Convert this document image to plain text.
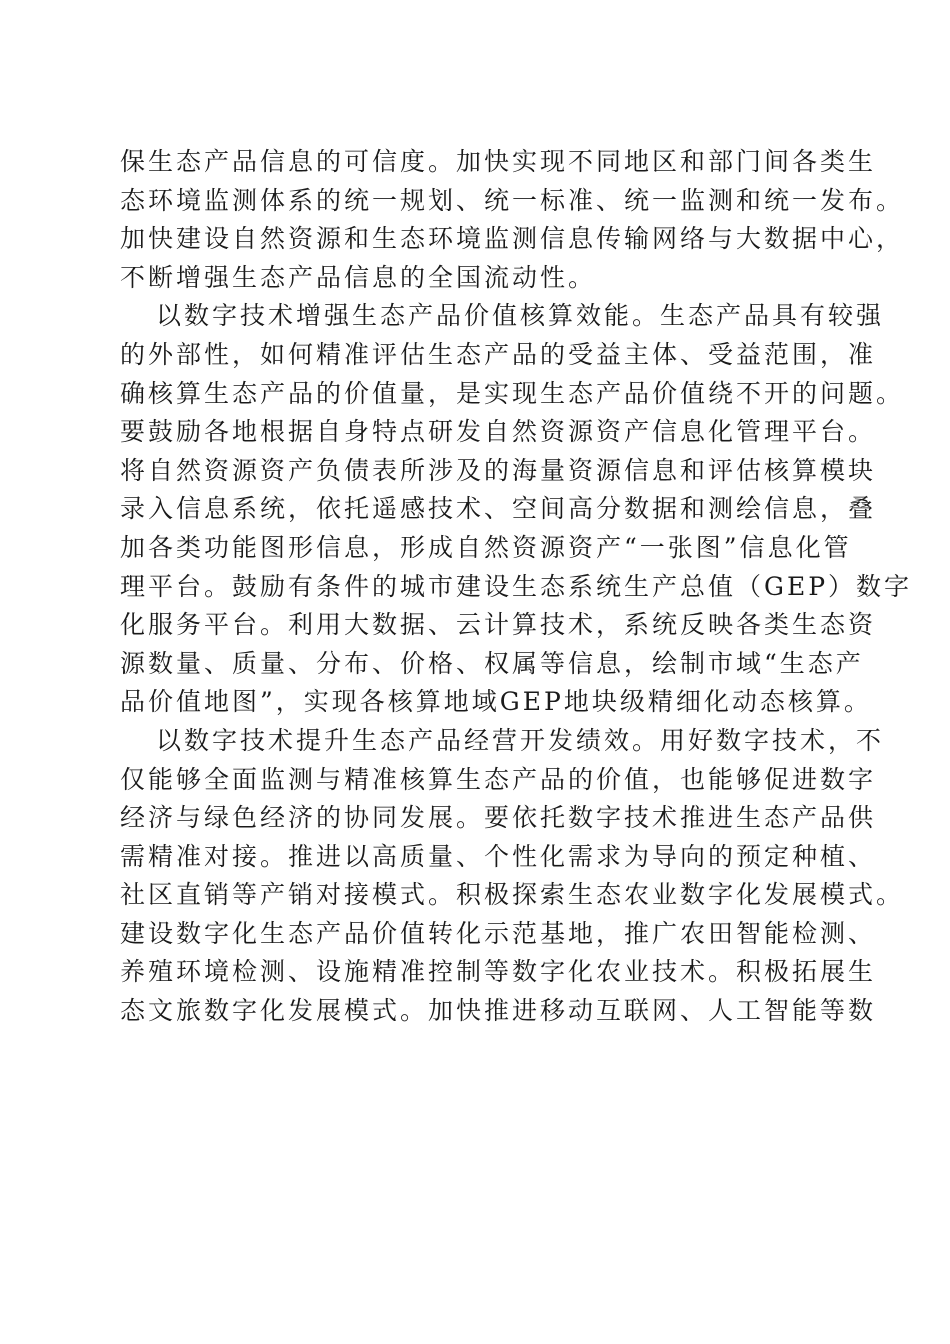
保生态产品信息的可信度。加快实现不同地区和部门间各类生
态环境监测体系的统一规划、统一标准、统一监测和统一发布。
加快建设自然资源和生态环境监测信息传输网络与大数据中心，
不断增强生态产品信息的全国流动性。
以数字技术增强生态产品价值核算效能。生态产品具有较强
的外部性，如何精准评估生态产品的受益主体、受益范围，准
确核算生态产品的价值量，是实现生态产品价值绕不开的问题。
要鼓励各地根据自身特点研发自然资源资产信息化管理平台。
将自然资源资产负债表所涉及的海量资源信息和评估核算模块
录入信息系统，依托遥感技术、空间高分数据和测绘信息，叠
加各类功能图形信息，形成自然资源资产“一张图”信息化管
理平台。鼓励有条件的城市建设生态系统生产总值（GEP）数字
化服务平台。利用大数据、云计算技术，系统反映各类生态资
源数量、质量、分布、价格、权属等信息，绘制市域“生态产
品价值地图”，实现各核算地域GEP地块级精细化动态核算。
以数字技术提升生态产品经营开发绩效。用好数字技术，不
仅能够全面监测与精准核算生态产品的价值，也能够促进数字
经济与绿色经济的协同发展。要依托数字技术推进生态产品供
需精准对接。推进以高质量、个性化需求为导向的预定种植、
社区直销等产销对接模式。积极探索生态农业数字化发展模式。
建设数字化生态产品价值转化示范基地，推广农田智能检测、
养殖环境检测、设施精准控制等数字化农业技术。积极拓展生
态文旅数字化发展模式。加快推进移动互联网、人工智能等数
